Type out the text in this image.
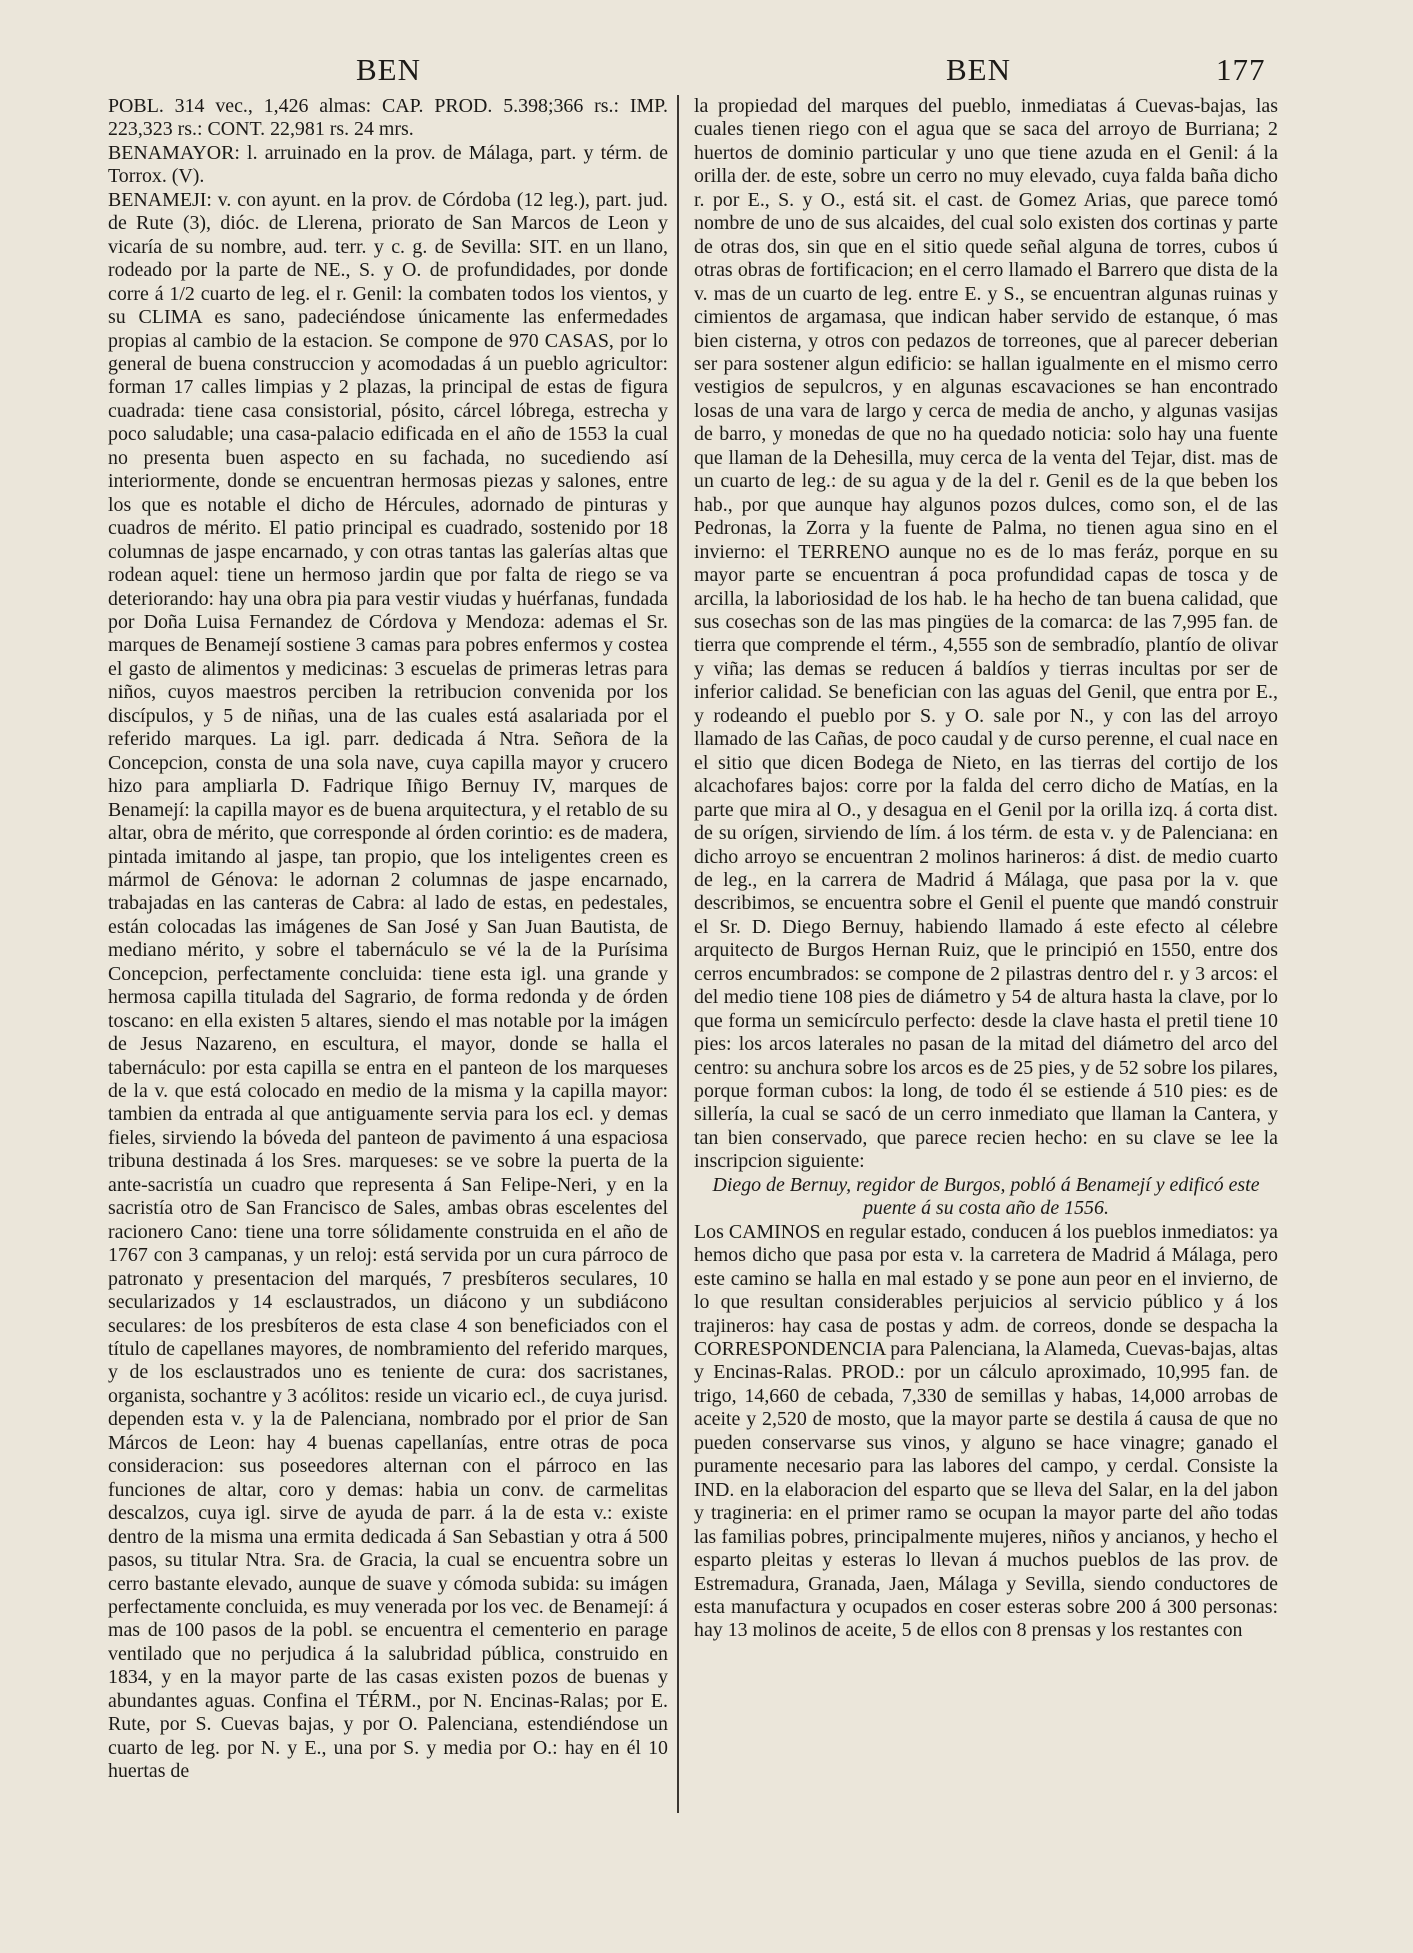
BEN	BEN	177

POBL. 314 vec., 1,426 almas: CAP. PROD. 5.398;366 rs.: IMP. 223,323 rs.: CONT. 22,981 rs. 24 mrs.

BENAMAYOR: l. arruinado en la prov. de Málaga, part. y térm. de Torrox. (V).

BENAMEJI: v. con ayunt. en la prov. de Córdoba (12 leg.), part. jud. de Rute (3), dióc. de Llerena, priorato de San Marcos de Leon y vicaría de su nombre, aud. terr. y c. g. de Sevilla: SIT. en un llano, rodeado por la parte de NE., S. y O. de profundidades, por donde corre á 1/2 cuarto de leg. el r. Genil: la combaten todos los vientos, y su CLIMA es sano, padeciéndose únicamente las enfermedades propias al cambio de la estacion. Se compone de 970 CASAS, por lo general de buena construccion y acomodadas á un pueblo agricultor: forman 17 calles limpias y 2 plazas, la principal de estas de figura cuadrada: tiene casa consistorial, pósito, cárcel lóbrega, estrecha y poco saludable; una casa-palacio edificada en el año de 1553 la cual no presenta buen aspecto en su fachada, no sucediendo así interiormente, donde se encuentran hermosas piezas y salones, entre los que es notable el dicho de Hércules, adornado de pinturas y cuadros de mérito. El patio principal es cuadrado, sostenido por 18 columnas de jaspe encarnado, y con otras tantas las galerías altas que rodean aquel: tiene un hermoso jardin que por falta de riego se va deteriorando: hay una obra pia para vestir viudas y huérfanas, fundada por Doña Luisa Fernandez de Córdova y Mendoza: ademas el Sr. marques de Benamejí sostiene 3 camas para pobres enfermos y costea el gasto de alimentos y medicinas: 3 escuelas de primeras letras para niños, cuyos maestros perciben la retribucion convenida por los discípulos, y 5 de niñas, una de las cuales está asalariada por el referido marques. La igl. parr. dedicada á Ntra. Señora de la Concepcion, consta de una sola nave, cuya capilla mayor y crucero hizo para ampliarla D. Fadrique Iñigo Bernuy IV, marques de Benamejí: la capilla mayor es de buena arquitectura, y el retablo de su altar, obra de mérito, que corresponde al órden corintio: es de madera, pintada imitando al jaspe, tan propio, que los inteligentes creen es mármol de Génova: le adornan 2 columnas de jaspe encarnado, trabajadas en las canteras de Cabra: al lado de estas, en pedestales, están colocadas las imágenes de San José y San Juan Bautista, de mediano mérito, y sobre el tabernáculo se vé la de la Purísima Concepcion, perfectamente concluida: tiene esta igl. una grande y hermosa capilla titulada del Sagrario, de forma redonda y de órden toscano: en ella existen 5 altares, siendo el mas notable por la imágen de Jesus Nazareno, en escultura, el mayor, donde se halla el tabernáculo: por esta capilla se entra en el panteon de los marqueses de la v. que está colocado en medio de la misma y la capilla mayor: tambien da entrada al que antiguamente servia para los ecl. y demas fieles, sirviendo la bóveda del panteon de pavimento á una espaciosa tribuna destinada á los Sres. marqueses: se ve sobre la puerta de la ante-sacristía un cuadro que representa á San Felipe-Neri, y en la sacristía otro de San Francisco de Sales, ambas obras escelentes del racionero Cano: tiene una torre sólidamente construida en el año de 1767 con 3 campanas, y un reloj: está servida por un cura párroco de patronato y presentacion del marqués, 7 presbíteros seculares, 10 secularizados y 14 esclaustrados, un diácono y un subdiácono seculares: de los presbíteros de esta clase 4 son beneficiados con el título de capellanes mayores, de nombramiento del referido marques, y de los esclaustrados uno es teniente de cura: dos sacristanes, organista, sochantre y 3 acólitos: reside un vicario ecl., de cuya jurisd. dependen esta v. y la de Palenciana, nombrado por el prior de San Márcos de Leon: hay 4 buenas capellanías, entre otras de poca consideracion: sus poseedores alternan con el párroco en las funciones de altar, coro y demas: habia un conv. de carmelitas descalzos, cuya igl. sirve de ayuda de parr. á la de esta v.: existe dentro de la misma una ermita dedicada á San Sebastian y otra á 500 pasos, su titular Ntra. Sra. de Gracia, la cual se encuentra sobre un cerro bastante elevado, aunque de suave y cómoda subida: su imágen perfectamente concluida, es muy venerada por los vec. de Benamejí: á mas de 100 pasos de la pobl. se encuentra el cementerio en parage ventilado que no perjudica á la salubridad pública, construido en 1834, y en la mayor parte de las casas existen pozos de buenas y abundantes aguas. Confina el TÉRM., por N. Encinas-Ralas; por E. Rute, por S. Cuevas bajas, y por O. Palenciana, estendiéndose un cuarto de leg. por N. y E., una por S. y media por O.: hay en él 10 huertas de

la propiedad del marques del pueblo, inmediatas á Cuevas-bajas, las cuales tienen riego con el agua que se saca del arroyo de Burriana; 2 huertos de dominio particular y uno que tiene azuda en el Genil: á la orilla der. de este, sobre un cerro no muy elevado, cuya falda baña dicho r. por E., S. y O., está sit. el cast. de Gomez Arias, que parece tomó nombre de uno de sus alcaides, del cual solo existen dos cortinas y parte de otras dos, sin que en el sitio quede señal alguna de torres, cubos ú otras obras de fortificacion; en el cerro llamado el Barrero que dista de la v. mas de un cuarto de leg. entre E. y S., se encuentran algunas ruinas y cimientos de argamasa, que indican haber servido de estanque, ó mas bien cisterna, y otros con pedazos de torreones, que al parecer deberian ser para sostener algun edificio: se hallan igualmente en el mismo cerro vestigios de sepulcros, y en algunas escavaciones se han encontrado losas de una vara de largo y cerca de media de ancho, y algunas vasijas de barro, y monedas de que no ha quedado noticia: solo hay una fuente que llaman de la Dehesilla, muy cerca de la venta del Tejar, dist. mas de un cuarto de leg.: de su agua y de la del r. Genil es de la que beben los hab., por que aunque hay algunos pozos dulces, como son, el de las Pedronas, la Zorra y la fuente de Palma, no tienen agua sino en el invierno: el TERRENO aunque no es de lo mas feráz, porque en su mayor parte se encuentran á poca profundidad capas de tosca y de arcilla, la laboriosidad de los hab. le ha hecho de tan buena calidad, que sus cosechas son de las mas pingües de la comarca: de las 7,995 fan. de tierra que comprende el térm., 4,555 son de sembradío, plantío de olivar y viña; las demas se reducen á baldíos y tierras incultas por ser de inferior calidad. Se benefician con las aguas del Genil, que entra por E., y rodeando el pueblo por S. y O. sale por N., y con las del arroyo llamado de las Cañas, de poco caudal y de curso perenne, el cual nace en el sitio que dicen Bodega de Nieto, en las tierras del cortijo de los alcachofares bajos: corre por la falda del cerro dicho de Matías, en la parte que mira al O., y desagua en el Genil por la orilla izq. á corta dist. de su orígen, sirviendo de lím. á los térm. de esta v. y de Palenciana: en dicho arroyo se encuentran 2 molinos harineros: á dist. de medio cuarto de leg., en la carrera de Madrid á Málaga, que pasa por la v. que describimos, se encuentra sobre el Genil el puente que mandó construir el Sr. D. Diego Bernuy, habiendo llamado á este efecto al célebre arquitecto de Burgos Hernan Ruiz, que le principió en 1550, entre dos cerros encumbrados: se compone de 2 pilastras dentro del r. y 3 arcos: el del medio tiene 108 pies de diámetro y 54 de altura hasta la clave, por lo que forma un semicírculo perfecto: desde la clave hasta el pretil tiene 10 pies: los arcos laterales no pasan de la mitad del diámetro del arco del centro: su anchura sobre los arcos es de 25 pies, y de 52 sobre los pilares, porque forman cubos: la long, de todo él se estiende á 510 pies: es de sillería, la cual se sacó de un cerro inmediato que llaman la Cantera, y tan bien conservado, que parece recien hecho: en su clave se lee la inscripcion siguiente:

Diego de Bernuy, regidor de Burgos, pobló á Benamejí y edificó este puente á su costa año de 1556.

Los CAMINOS en regular estado, conducen á los pueblos inmediatos: ya hemos dicho que pasa por esta v. la carretera de Madrid á Málaga, pero este camino se halla en mal estado y se pone aun peor en el invierno, de lo que resultan considerables perjuicios al servicio público y á los trajineros: hay casa de postas y adm. de correos, donde se despacha la CORRESPONDENCIA para Palenciana, la Alameda, Cuevas-bajas, altas y Encinas-Ralas. PROD.: por un cálculo aproximado, 10,995 fan. de trigo, 14,660 de cebada, 7,330 de semillas y habas, 14,000 arrobas de aceite y 2,520 de mosto, que la mayor parte se destila á causa de que no pueden conservarse sus vinos, y alguno se hace vinagre; ganado el puramente necesario para las labores del campo, y cerdal. Consiste la IND. en la elaboracion del esparto que se lleva del Salar, en la del jabon y tragineria: en el primer ramo se ocupan la mayor parte del año todas las familias pobres, principalmente mujeres, niños y ancianos, y hecho el esparto pleitas y esteras lo llevan á muchos pueblos de las prov. de Estremadura, Granada, Jaen, Málaga y Sevilla, siendo conductores de esta manufactura y ocupados en coser esteras sobre 200 á 300 personas: hay 13 molinos de aceite, 5 de ellos con 8 prensas y los restantes con
